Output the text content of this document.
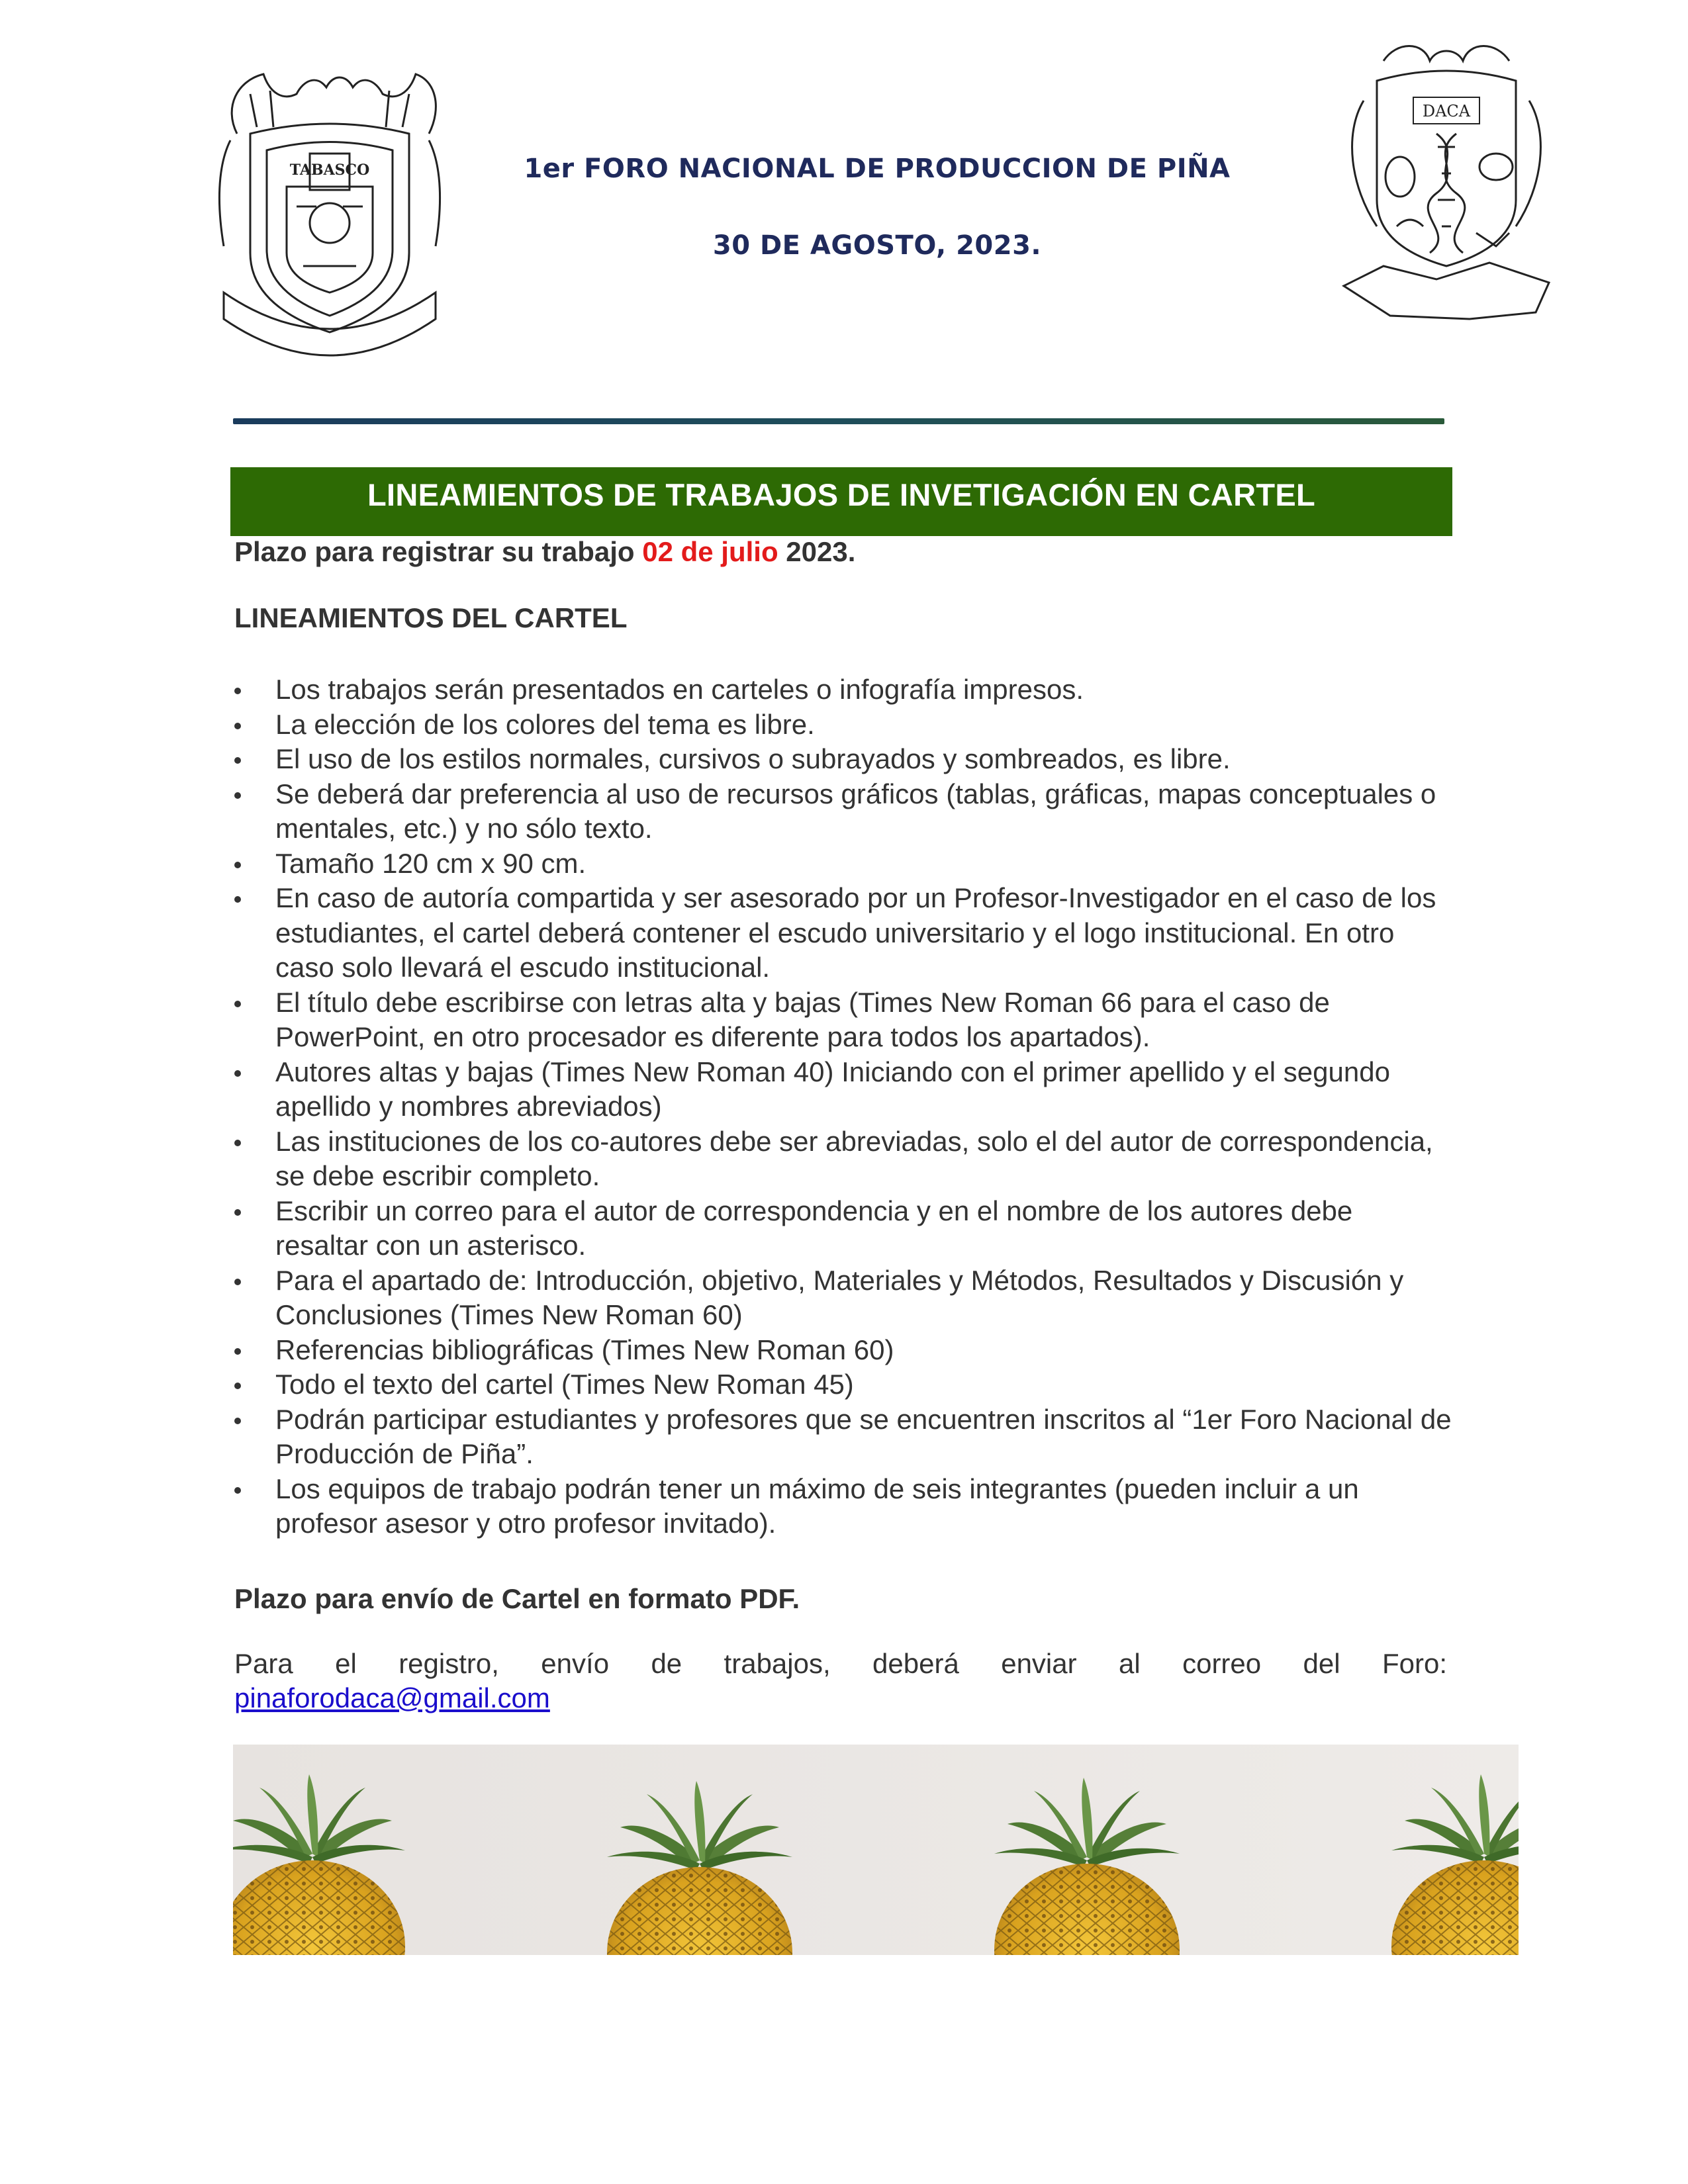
TABASCO	1er FORO NACIONAL DE PRODUCCION DE PIÑA
30 DE AGOSTO, 2023.
DACA
LINEAMIENTOS DE TRABAJOS DE INVETIGACIÓN EN CARTEL
Plazo para registrar su trabajo 02 de julio 2023.
LINEAMIENTOS DEL CARTEL
Los trabajos serán presentados en carteles o infografía impresos.
La elección de los colores del tema es libre.
El uso de los estilos normales, cursivos o subrayados y sombreados, es libre.
Se deberá dar preferencia al uso de recursos gráficos (tablas, gráficas, mapas conceptuales o mentales, etc.) y no sólo texto.
Tamaño 120 cm x 90 cm.
En caso de autoría compartida y ser asesorado por un Profesor-Investigador en el caso de los estudiantes, el cartel deberá contener el escudo universitario y el logo institucional. En otro caso solo llevará el escudo institucional.
El título debe escribirse con letras alta y bajas (Times New Roman 66 para el caso de PowerPoint, en otro procesador es diferente para todos los apartados).
Autores altas y bajas (Times New Roman 40) Iniciando con el primer apellido y el segundo apellido y nombres abreviados)
Las instituciones de los co-autores debe ser abreviadas, solo el del autor de correspondencia, se debe escribir completo.
Escribir un correo para el autor de correspondencia y en el nombre de los autores debe resaltar con un asterisco.
Para el apartado de: Introducción, objetivo, Materiales y Métodos, Resultados y Discusión y Conclusiones (Times New Roman 60)
Referencias bibliográficas (Times New Roman 60)
Todo el texto del cartel (Times New Roman 45)
Podrán participar estudiantes y profesores que se encuentren inscritos al “1er Foro Nacional de Producción de Piña”.
Los equipos de trabajo podrán tener un máximo de seis integrantes (pueden incluir a un profesor asesor y otro profesor invitado).
Plazo para envío de Cartel en formato PDF.
Para el registro, envío de trabajos, deberá enviar al correo del Foro:
pinaforodaca@gmail.com
